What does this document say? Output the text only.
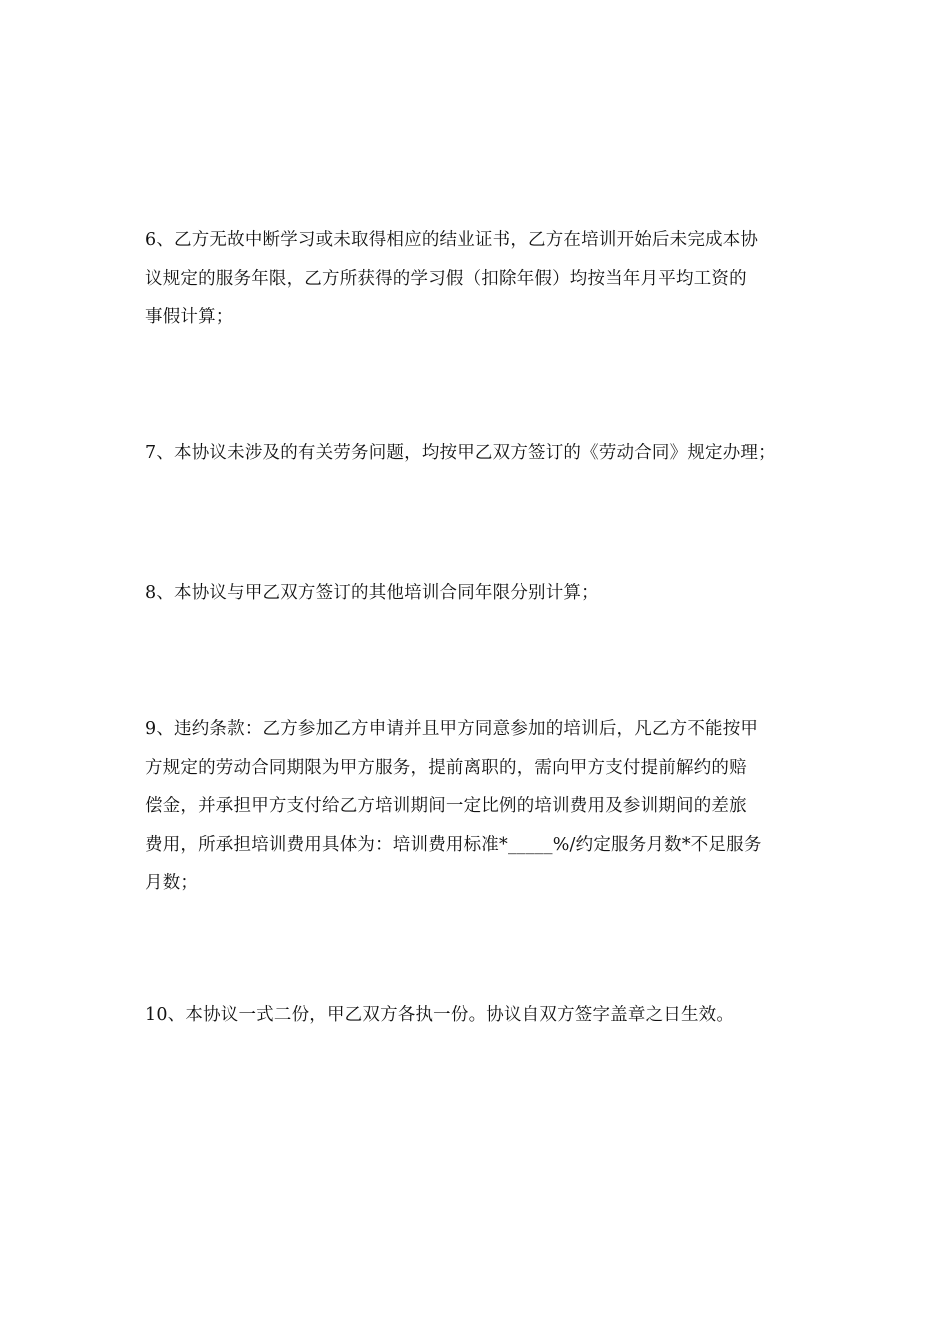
6、乙方无故中断学习或未取得相应的结业证书，乙方在培训开始后未完成本协
议规定的服务年限，乙方所获得的学习假（扣除年假）均按当年月平均工资的
事假计算；
7、本协议未涉及的有关劳务问题，均按甲乙双方签订的《劳动合同》规定办理；
8、本协议与甲乙双方签订的其他培训合同年限分别计算；
9、违约条款：乙方参加乙方申请并且甲方同意参加的培训后，凡乙方不能按甲
方规定的劳动合同期限为甲方服务，提前离职的，需向甲方支付提前解约的赔
偿金，并承担甲方支付给乙方培训期间一定比例的培训费用及参训期间的差旅
费用，所承担培训费用具体为：培训费用标准*_____%/约定服务月数*不足服务
月数；
10、本协议一式二份，甲乙双方各执一份。协议自双方签字盖章之日生效。
